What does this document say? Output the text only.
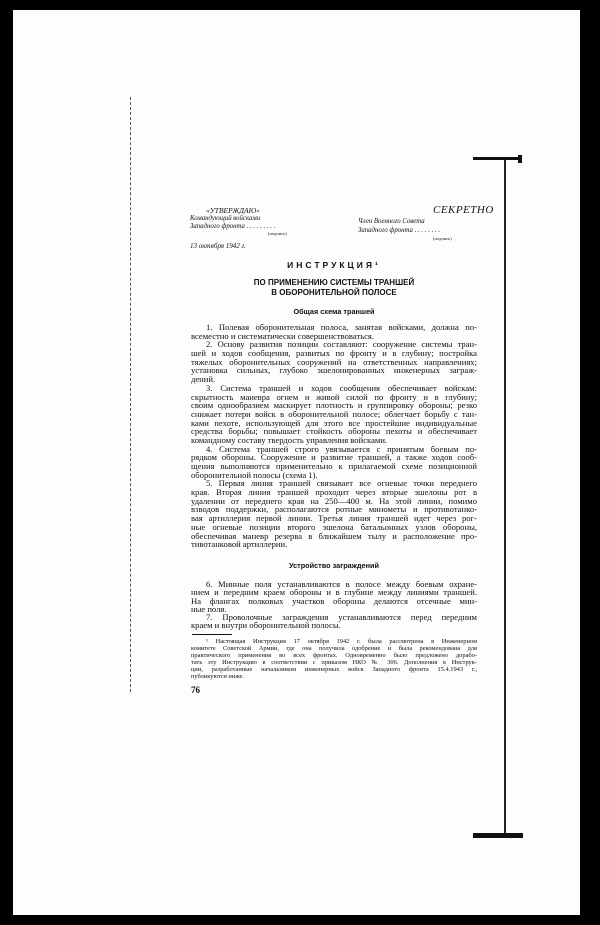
«УТВЕРЖДАЮ»	СЕКРЕТНО
Командующий войсками
Западного фронта . . . . . . . . .
(подпись)
13 октября 1942 г.
Член Военного Совета
Западного фронта . . . . . . . .
(подпись)
ИНСТРУКЦИЯ¹
ПО ПРИМЕНЕНИЮ СИСТЕМЫ ТРАНШЕЙ
В ОБОРОНИТЕЛЬНОЙ ПОЛОСЕ
Общая схема траншей
1. Полевая оборонительная полоса, занятая войсками, должна по-
всеместно и систематически совершенствоваться.
2. Основу развития позиции составляют: сооружение системы тран-
шей и ходов сообщения, развитых по фронту и в глубину; постройка
тяжелых оборонительных сооружений на ответственных направлениях;
установка сильных, глубоко эшелонированных инженерных заграж-
дений.
3. Система траншей и ходов сообщения обеспечивает войскам:
скрытность маневра огнем и живой силой по фронту и в глубину;
своим однообразием маскирует плотность и группировку обороны; резко
снижает потери войск в оборонительной полосе; облегчает борьбу с тан-
ками пехоте, использующей для этого все простейшие индивидуальные
средства борьбы; повышает стойкость обороны пехоты и обеспечивает
командному составу твердость управления войсками.
4. Система траншей строго увязывается с принятым боевым по-
рядком обороны. Сооружение и развитие траншей, а также ходов сооб-
щения выполняются применительно к прилагаемой схеме позиционной
оборонительной полосы (схема 1).
5. Первая линия траншей связывает все огневые точки переднего
края. Вторая линия траншей проходит через вторые эшелоны рот в
удалении от переднего края на 250—400 м. На этой линии, помимо
взводов поддержки, располагаются ротные минометы и противотанко-
вая артиллерия первой линии. Третья линия траншей идет через рог-
ные огневые позиции второго эшелона батальонных узлов обороны,
обеспечивая маневр резерва в ближайшем тылу и расположение про-
тивотанковой артиллерии.
Устройство заграждений
6. Минные поля устанавливаются в полосе между боевым охране-
нием и передним краем обороны и в глубине между линиями траншей.
На флангах полковых участков обороны делаются отсечные мин-
ные поля.
7. Проволочные заграждения устанавливаются перед передним
краем и внутри оборонительной полосы.
¹ Настоящая Инструкция 17 октября 1942 г. была рассмотрена в Инженерном
комитете Советской Армии, где она получила одобрение и была рекомендована для
практического применения во всех фронтах. Одновременно было предложено дорабо-
тать эту Инструкцию в соответствии с приказом НКО № 306. Дополнения к Инструк-
ции, разработанные начальником инженерных войск Западного фронта 15.4.1943 г.,
публикуются ниже.
76
